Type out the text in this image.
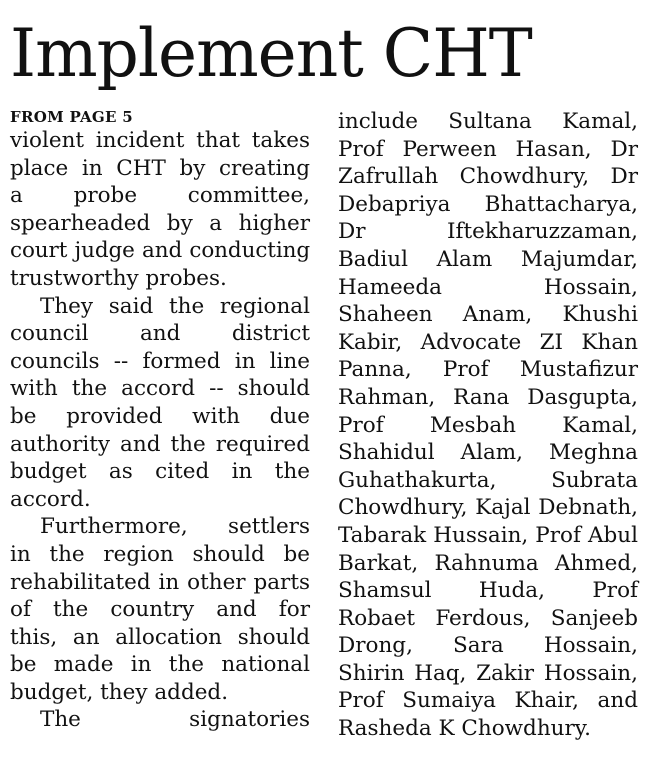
Implement CHT
FROM PAGE 5
violent incident that takes
place in CHT by creating
a probe committee,
spearheaded by a higher
court judge and conducting
trustworthy probes.
They said the regional
council and district
councils -- formed in line
with the accord -- should
be provided with due
authority and the required
budget as cited in the
accord.
Furthermore, settlers
in the region should be
rehabilitated in other parts
of the country and for
this, an allocation should
be made in the national
budget, they added.
The signatories
include Sultana Kamal,
Prof Perween Hasan, Dr
Zafrullah Chowdhury, Dr
Debapriya Bhattacharya,
Dr Iftekharuzzaman,
Badiul Alam Majumdar,
Hameeda Hossain,
Shaheen Anam, Khushi
Kabir, Advocate ZI Khan
Panna, Prof Mustafizur
Rahman, Rana Dasgupta,
Prof Mesbah Kamal,
Shahidul Alam, Meghna
Guhathakurta, Subrata
Chowdhury, Kajal Debnath,
Tabarak Hussain, Prof Abul
Barkat, Rahnuma Ahmed,
Shamsul Huda, Prof
Robaet Ferdous, Sanjeeb
Drong, Sara Hossain,
Shirin Haq, Zakir Hossain,
Prof Sumaiya Khair, and
Rasheda K Chowdhury.
